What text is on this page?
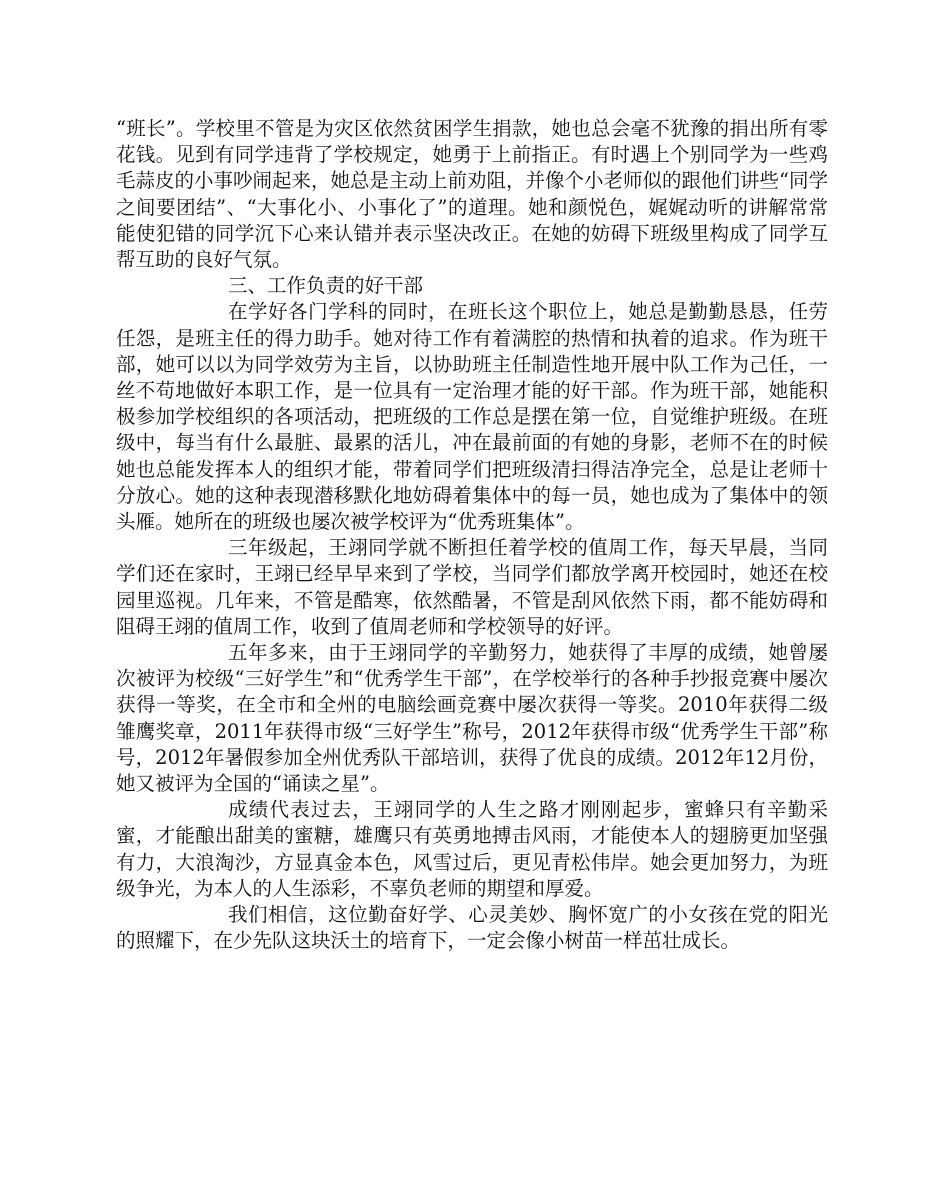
“班长”。学校里不管是为灾区依然贫困学生捐款，她也总会毫不犹豫的捐出所有零花钱。见到有同学违背了学校规定，她勇于上前指正。有时遇上个别同学为一些鸡毛蒜皮的小事吵闹起来，她总是主动上前劝阻，并像个小老师似的跟他们讲些“同学之间要团结”、“大事化小、小事化了”的道理。她和颜悦色，娓娓动听的讲解常常能使犯错的同学沉下心来认错并表示坚决改正。在她的妨碍下班级里构成了同学互帮互助的良好气氛。

三、工作负责的好干部

在学好各门学科的同时，在班长这个职位上，她总是勤勤恳恳，任劳任怨，是班主任的得力助手。她对待工作有着满腔的热情和执着的追求。作为班干部，她可以以为同学效劳为主旨，以协助班主任制造性地开展中队工作为己任，一丝不苟地做好本职工作，是一位具有一定治理才能的好干部。作为班干部，她能积极参加学校组织的各项活动，把班级的工作总是摆在第一位，自觉维护班级。在班级中，每当有什么最脏、最累的活儿，冲在最前面的有她的身影，老师不在的时候她也总能发挥本人的组织才能，带着同学们把班级清扫得洁净完全，总是让老师十分放心。她的这种表现潜移默化地妨碍着集体中的每一员，她也成为了集体中的领头雁。她所在的班级也屡次被学校评为“优秀班集体”。

三年级起，王翊同学就不断担任着学校的值周工作，每天早晨，当同学们还在家时，王翊已经早早来到了学校，当同学们都放学离开校园时，她还在校园里巡视。几年来，不管是酷寒，依然酷暑，不管是刮风依然下雨，都不能妨碍和阻碍王翊的值周工作，收到了值周老师和学校领导的好评。

五年多来，由于王翊同学的辛勤努力，她获得了丰厚的成绩，她曾屡次被评为校级“三好学生”和“优秀学生干部”，在学校举行的各种手抄报竞赛中屡次获得一等奖，在全市和全州的电脑绘画竞赛中屡次获得一等奖。2010年获得二级雏鹰奖章，2011年获得市级“三好学生”称号，2012年获得市级“优秀学生干部”称号，2012年暑假参加全州优秀队干部培训，获得了优良的成绩。2012年12月份，她又被评为全国的“诵读之星”。

成绩代表过去，王翊同学的人生之路才刚刚起步，蜜蜂只有辛勤采蜜，才能酿出甜美的蜜糖，雄鹰只有英勇地搏击风雨，才能使本人的翅膀更加坚强有力，大浪淘沙，方显真金本色，风雪过后，更见青松伟岸。她会更加努力，为班级争光，为本人的人生添彩，不辜负老师的期望和厚爱。

我们相信，这位勤奋好学、心灵美妙、胸怀宽广的小女孩在党的阳光的照耀下，在少先队这块沃土的培育下，一定会像小树苗一样茁壮成长。
